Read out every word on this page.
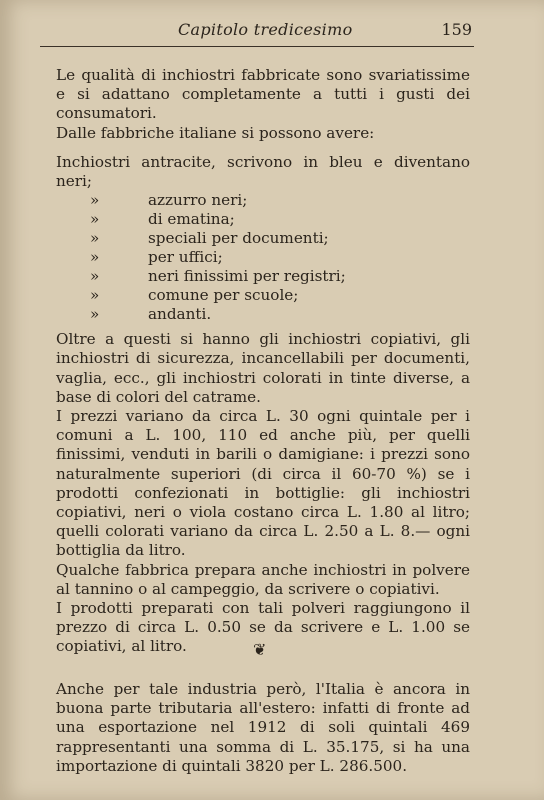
Capitolo tredicesimo	159

Le qualità di inchiostri fabbricate sono svariatissime e si adattano completamente a tutti i gusti dei consumatori.

Dalle fabbriche italiane si possono avere:

Inchiostri antracite, scrivono in bleu e diventano neri;

»	azzurro neri;
»	di ematina;
»	speciali per documenti;
»	per uffici;
»	neri finissimi per registri;
»	comune per scuole;
»	andanti.

Oltre a questi si hanno gli inchiostri copiativi, gli inchiostri di sicurezza, incancellabili per documenti, vaglia, ecc., gli inchiostri colorati in tinte diverse, a base di colori del catrame.

I prezzi variano da circa L. 30 ogni quintale per i comuni a L. 100, 110 ed anche più, per quelli finissimi, venduti in barili o damigiane: i prezzi sono naturalmente superiori (di circa il 60-70 %) se i prodotti confezionati in bottiglie: gli inchiostri copiativi, neri o viola costano circa L. 1.80 al litro; quelli colorati variano da circa L. 2.50 a L. 8.— ogni bottiglia da litro.

Qualche fabbrica prepara anche inchiostri in polvere al tannino o al campeggio, da scrivere o copiativi.

I prodotti preparati con tali polveri raggiungono il prezzo di circa L. 0.50 se da scrivere e L. 1.00 se copiativi, al litro.	❦

Anche per tale industria però, l'Italia è ancora in buona parte tributaria all'estero: infatti di fronte ad una esportazione nel 1912 di soli quintali 469 rappresentanti una somma di L. 35.175, si ha una importazione di quintali 3820 per L. 286.500.
